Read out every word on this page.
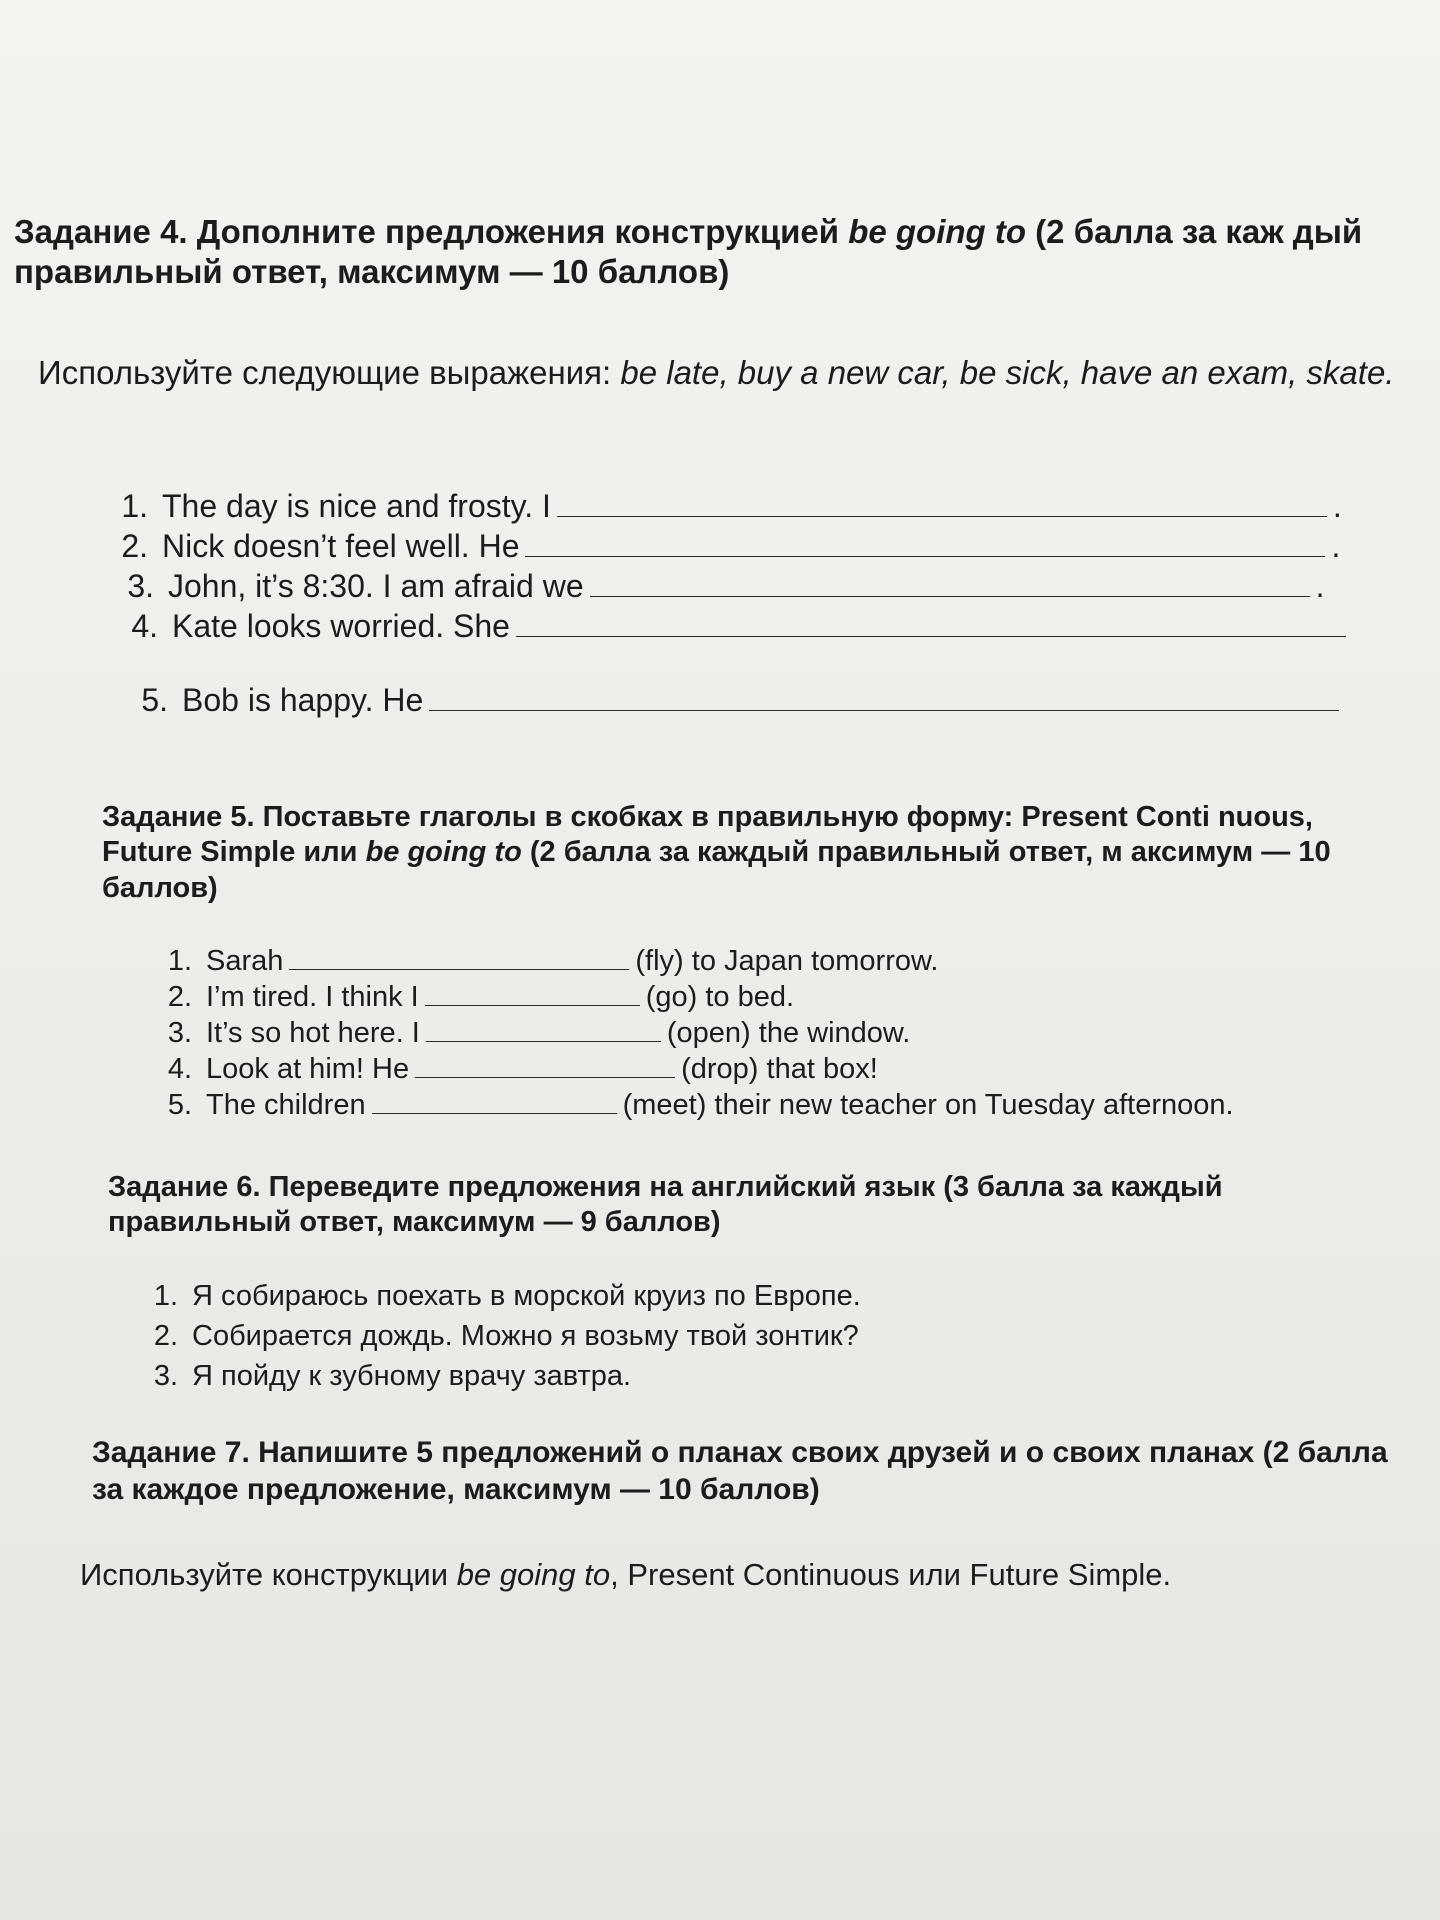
Задание 4. Дополните предложения конструкцией be going to (2 балла за каж дый правильный ответ, максимум — 10 баллов)
Используйте следующие выражения: be late, buy a new car, be sick, have an exam, skate.
1. The day is nice and frosty. I	.
2. Nick doesn’t feel well. He	.
3. John, it’s 8:30. I am afraid we	.
4. Kate looks worried. She
5. Bob is happy. He
Задание 5. Поставьте глаголы в скобках в правильную форму: Present Conti nuous, Future Simple или be going to (2 балла за каждый правильный ответ, м аксимум — 10 баллов)
1. Sarah	(fly) to Japan tomorrow.
2. I’m tired. I think I	(go) to bed.
3. It’s so hot here. I	(open) the window.
4. Look at him! He	(drop) that box!
5. The children	(meet) their new teacher on Tuesday afternoon.
Задание 6. Переведите предложения на английский язык (3 балла за каждый правильный ответ, максимум — 9 баллов)
1. Я собираюсь поехать в морской круиз по Европе.
2. Собирается дождь. Можно я возьму твой зонтик?
3. Я пойду к зубному врачу завтра.
Задание 7. Напишите 5 предложений о планах своих друзей и о своих планах (2 балла за каждое предложение, максимум — 10 баллов)
Используйте конструкции be going to, Present Continuous или Future Simple.
